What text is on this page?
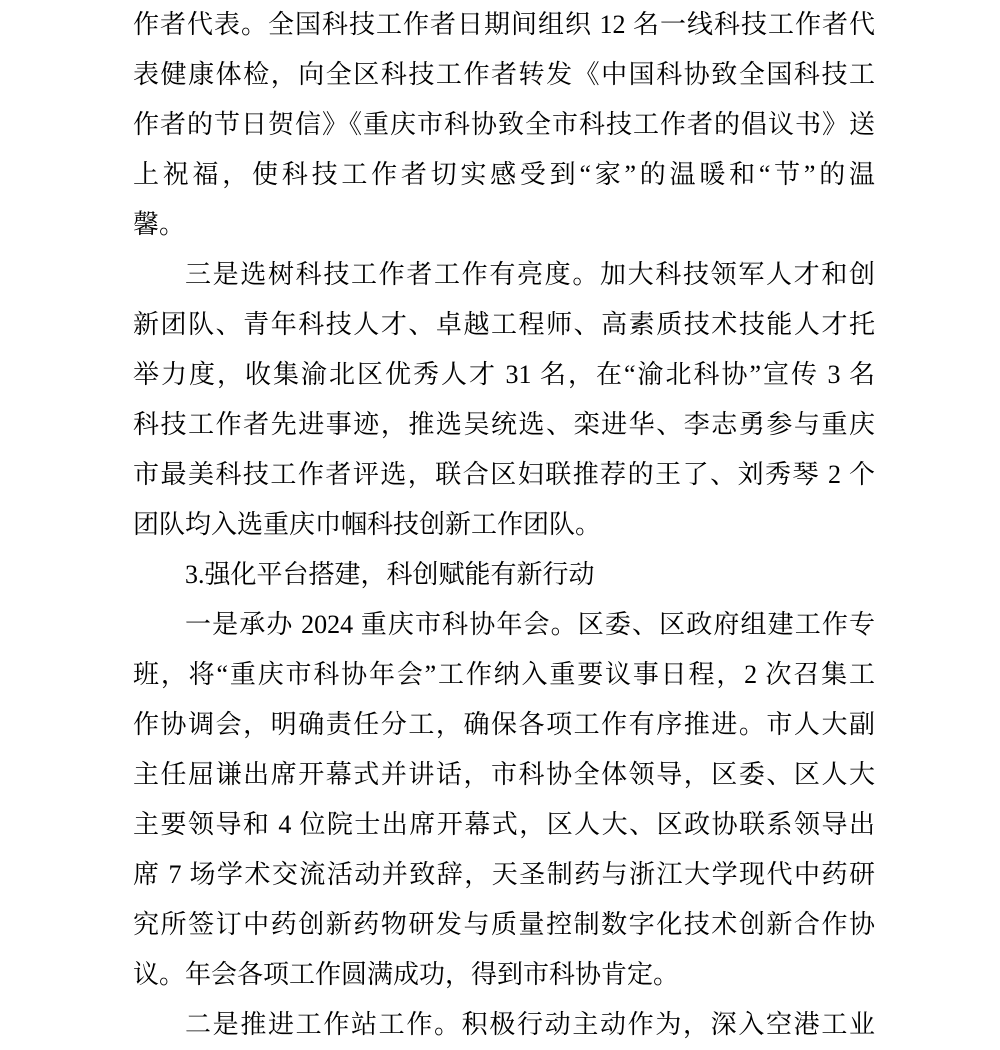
作者代表。全国科技工作者日期间组织 12 名一线科技工作者代
表健康体检，向全区科技工作者转发《中国科协致全国科技工
作者的节日贺信》《重庆市科协致全市科技工作者的倡议书》送
上祝福，使科技工作者切实感受到“家”的温暖和“节”的温
馨。
三是选树科技工作者工作有亮度。加大科技领军人才和创
新团队、青年科技人才、卓越工程师、高素质技术技能人才托
举力度，收集渝北区优秀人才 31 名，在“渝北科协”宣传 3 名
科技工作者先进事迹，推选吴统选、栾进华、李志勇参与重庆
市最美科技工作者评选，联合区妇联推荐的王了、刘秀琴 2 个
团队均入选重庆巾帼科技创新工作团队。
3.强化平台搭建，科创赋能有新行动
一是承办 2024 重庆市科协年会。区委、区政府组建工作专
班，将“重庆市科协年会”工作纳入重要议事日程，2 次召集工
作协调会，明确责任分工，确保各项工作有序推进。市人大副
主任屈谦出席开幕式并讲话，市科协全体领导，区委、区人大
主要领导和 4 位院士出席开幕式，区人大、区政协联系领导出
席 7 场学术交流活动并致辞，天圣制药与浙江大学现代中药研
究所签订中药创新药物研发与质量控制数字化技术创新合作协
议。年会各项工作圆满成功，得到市科协肯定。
二是推进工作站工作。积极行动主动作为，深入空港工业
